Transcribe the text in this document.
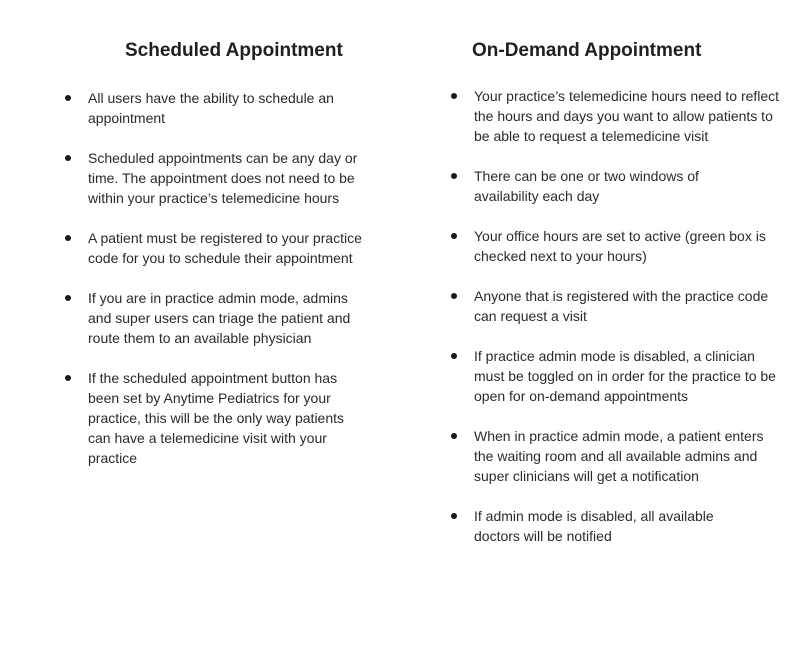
Scheduled Appointment
All users have the ability to schedule an appointment
Scheduled appointments can be any day or time. The appointment does not need to be within your practice’s telemedicine hours
A patient must be registered to your practice code for you to schedule their appointment
If you are in practice admin mode, admins and super users can triage the patient and route them to an available physician
If the scheduled appointment button has been set by Anytime Pediatrics for your practice, this will be the only way patients can have a telemedicine visit with your practice
On-Demand Appointment
Your practice’s telemedicine hours need to reflect the hours and days you want to allow patients to be able to request a telemedicine visit
There can be one or two windows of availability each day
Your office hours are set to active (green box is checked next to your hours)
Anyone that is registered with the practice code can request a visit
If practice admin mode is disabled, a clinician must be toggled on in order for the practice to be open for on-demand appointments
When in practice admin mode, a patient enters the waiting room and all available admins and super clinicians will get a notification
If admin mode is disabled, all available doctors will be notified
